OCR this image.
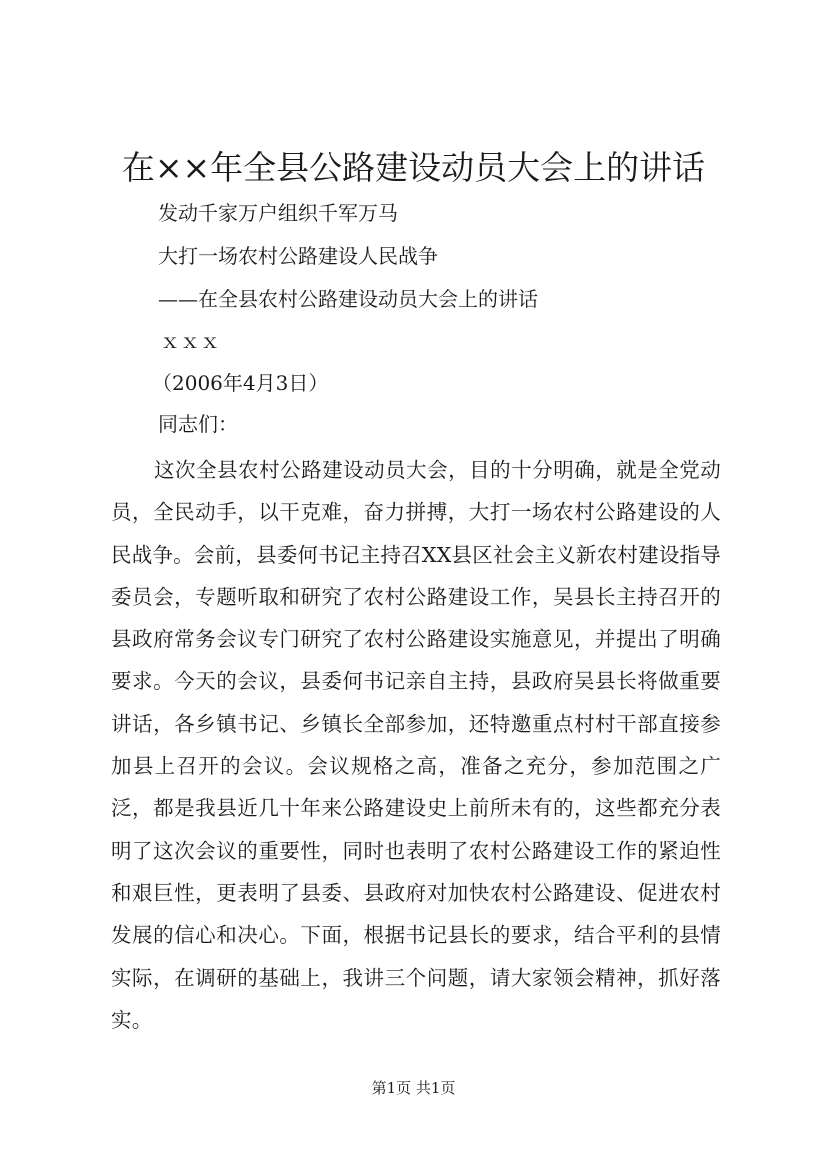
在××年全县公路建设动员大会上的讲话
发动千家万户组织千军万马
大打一场农村公路建设人民战争
——在全县农村公路建设动员大会上的讲话
ｘｘｘ
（2006年4月3日）
同志们：

这次全县农村公路建设动员大会，目的十分明确，就是全党动员，全民动手，以干克难，奋力拼搏，大打一场农村公路建设的人民战争。会前，县委何书记主持召XX县区社会主义新农村建设指导委员会，专题听取和研究了农村公路建设工作，吴县长主持召开的县政府常务会议专门研究了农村公路建设实施意见，并提出了明确要求。今天的会议，县委何书记亲自主持，县政府吴县长将做重要讲话，各乡镇书记、乡镇长全部参加，还特邀重点村村干部直接参加县上召开的会议。会议规格之高，准备之充分，参加范围之广泛，都是我县近几十年来公路建设史上前所未有的，这些都充分表明了这次会议的重要性，同时也表明了农村公路建设工作的紧迫性和艰巨性，更表明了县委、县政府对加快农村公路建设、促进农村发展的信心和决心。下面，根据书记县长的要求，结合平利的县情实际，在调研的基础上，我讲三个问题，请大家领会精神，抓好落实。

第1页 共1页
